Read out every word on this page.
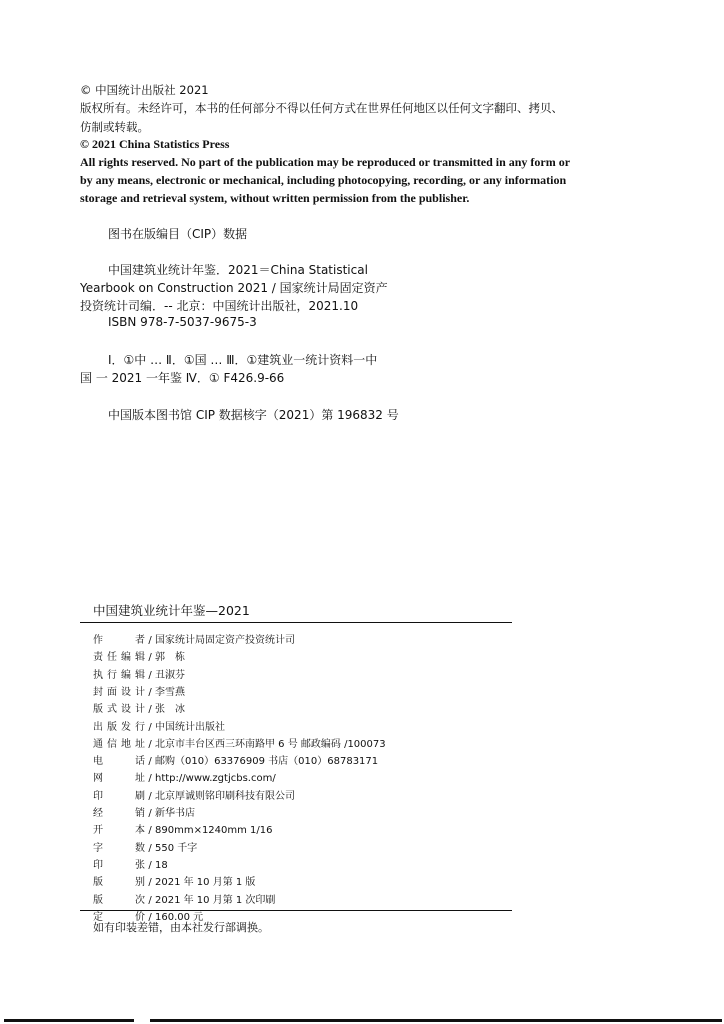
© 中国统计出版社 2021
版权所有。未经许可，本书的任何部分不得以任何方式在世界任何地区以任何文字翻印、拷贝、
仿制或转载。
© 2021 China Statistics Press
All rights reserved. No part of the publication may be reproduced or transmitted in any form or
by any means, electronic or mechanical, including photocopying, recording, or any information
storage and retrieval system, without written permission from the publisher.
图书在版编目（CIP）数据
中国建筑业统计年鉴．2021＝China Statistical
Yearbook on Construction 2021 / 国家统计局固定资产
投资统计司编．-- 北京：中国统计出版社，2021.10
ISBN 978-7-5037-9675-3
Ⅰ．①中 … Ⅱ．①国 … Ⅲ．①建筑业一统计资料一中
国 一 2021 一年鉴 Ⅳ．① F426.9-66
中国版本图书馆 CIP 数据核字（2021）第 196832 号
中国建筑业统计年鉴—2021
作者 / 国家统计局固定资产投资统计司
责任编辑 / 郭　栋
执行编辑 / 丑淑芬
封面设计 / 李雪燕
版式设计 / 张　冰
出版发行 / 中国统计出版社
通信地址 / 北京市丰台区西三环南路甲 6 号 邮政编码 /100073
电话 / 邮购（010）63376909 书店（010）68783171
网址 / http://www.zgtjcbs.com/
印刷 / 北京厚诚则铭印刷科技有限公司
经销 / 新华书店
开本 / 890mm×1240mm 1/16
字数 / 550 千字
印张 / 18
版别 / 2021 年 10 月第 1 版
版次 / 2021 年 10 月第 1 次印刷
定价 / 160.00 元
如有印装差错，由本社发行部调换。
